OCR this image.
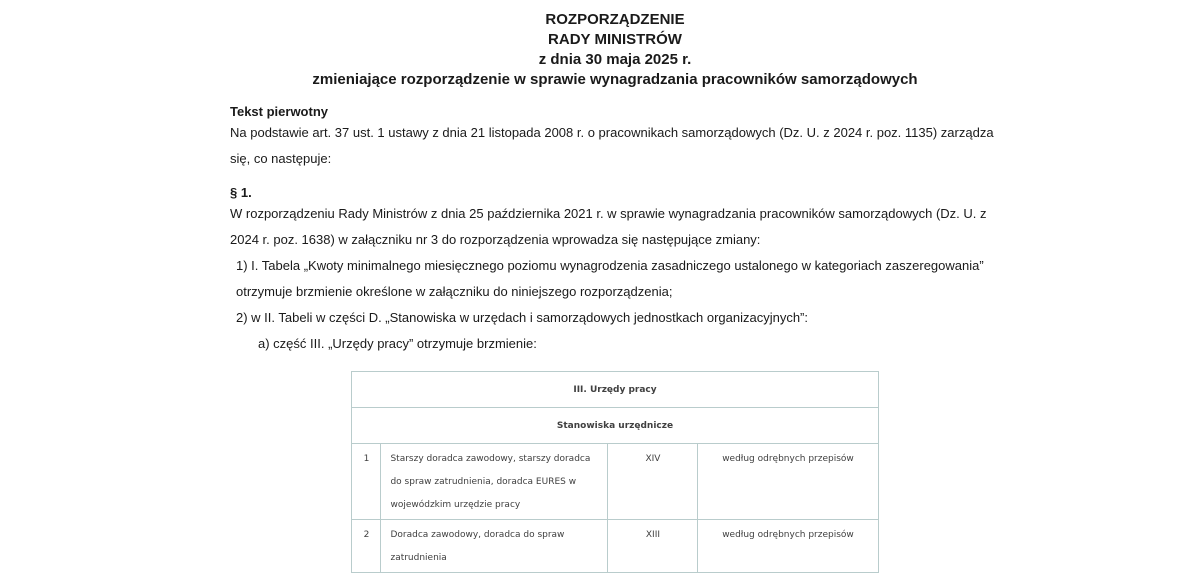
ROZPORZĄDZENIE
RADY MINISTRÓW
z dnia 30 maja 2025 r.
zmieniające rozporządzenie w sprawie wynagradzania pracowników samorządowych
Tekst pierwotny

Na podstawie art. 37 ust. 1 ustawy z dnia 21 listopada 2008 r. o pracownikach samorządowych (Dz. U. z 2024 r. poz. 1135) zarządza się, co następuje:

§ 1.

W rozporządzeniu Rady Ministrów z dnia 25 października 2021 r. w sprawie wynagradzania pracowników samorządowych (Dz. U. z 2024 r. poz. 1638) w załączniku nr 3 do rozporządzenia wprowadza się następujące zmiany:

1) I. Tabela „Kwoty minimalnego miesięcznego poziomu wynagrodzenia zasadniczego ustalonego w kategoriach zaszeregowania” otrzymuje brzmienie określone w załączniku do niniejszego rozporządzenia;

2) w II. Tabeli w części D. „Stanowiska w urzędach i samorządowych jednostkach organizacyjnych”:

a) część III. „Urzędy pracy” otrzymuje brzmienie:

III. Urzędy pracy			
Stanowiska urzędnicze			
1	Starszy doradca zawodowy, starszy doradca do spraw zatrudnienia, doradca EURES w wojewódzkim urzędzie pracy	XIV	według odrębnych przepisów
2	Doradca zawodowy, doradca do spraw zatrudnienia	XIII	według odrębnych przepisów
